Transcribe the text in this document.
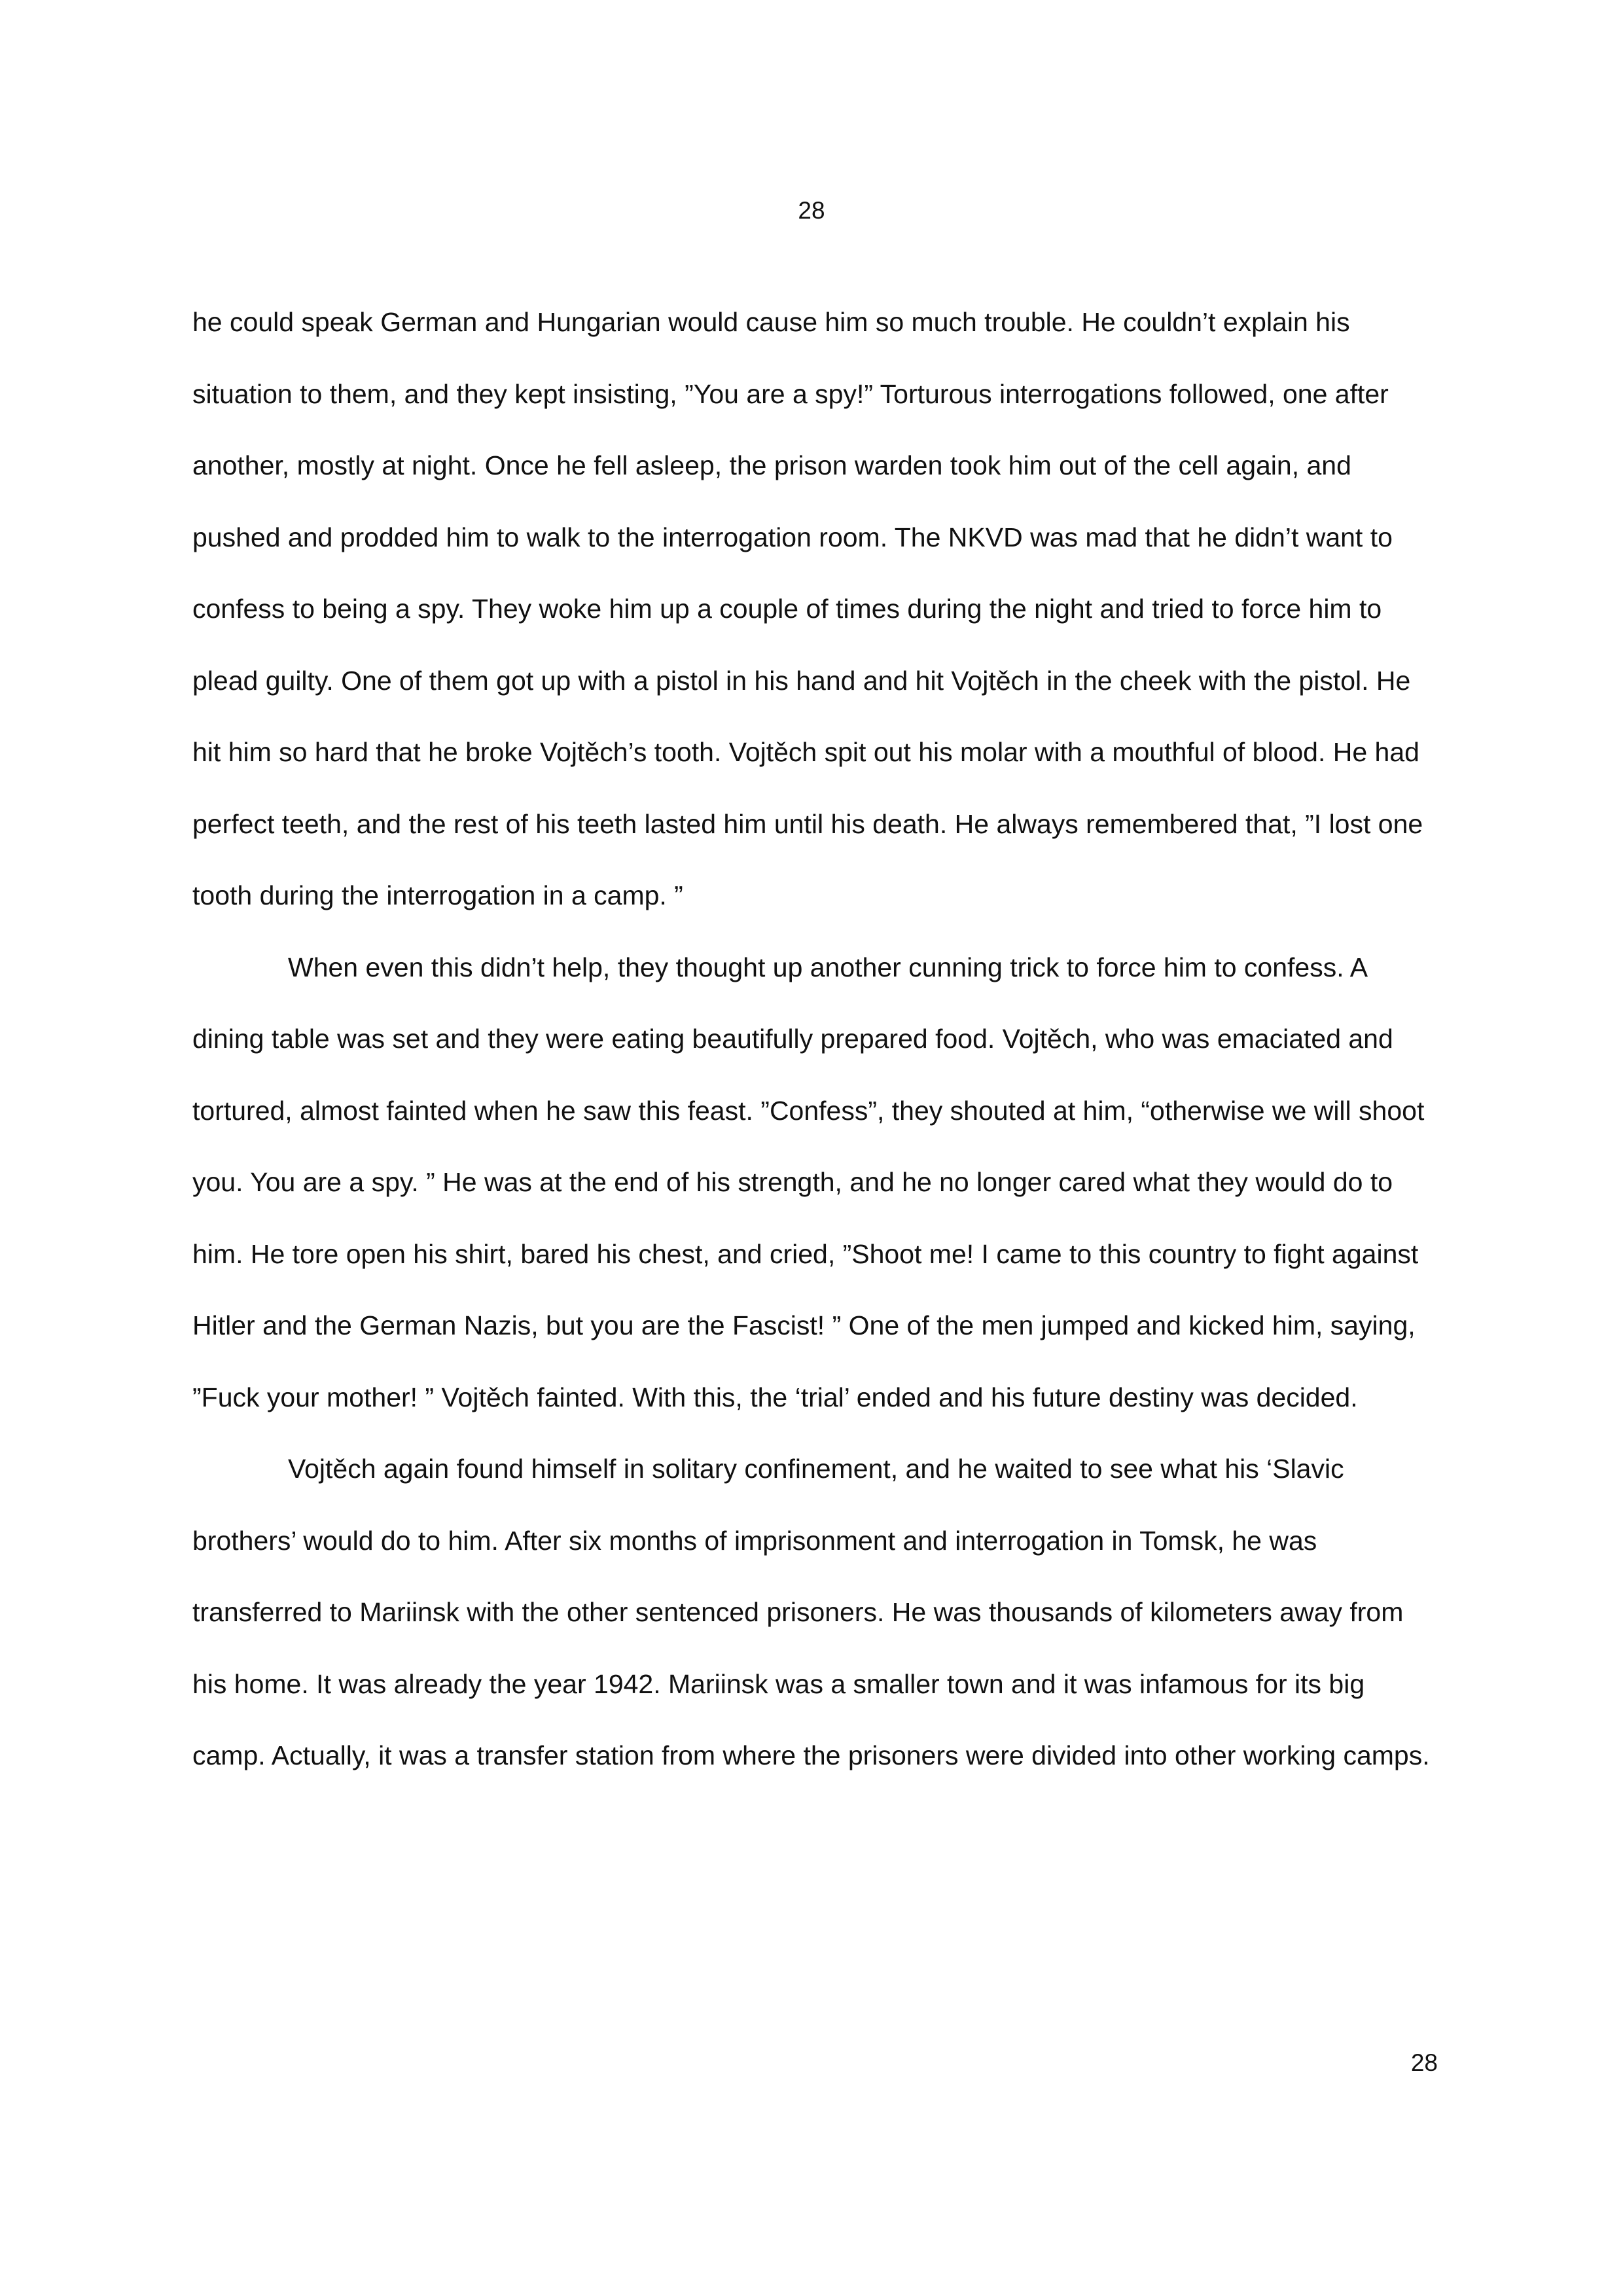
28

he could speak German and Hungarian would cause him so much trouble. He couldn’t explain his situation to them, and they kept insisting, ”You are a spy!” Torturous interrogations followed, one after another, mostly at night. Once he fell asleep, the prison warden took him out of the cell again, and pushed and prodded him to walk to the interrogation room. The NKVD was mad that he didn’t want to confess to being a spy. They woke him up a couple of times during the night and tried to force him to plead guilty. One of them got up with a pistol in his hand and hit Vojtěch in the cheek with the pistol. He hit him so hard that he broke Vojtěch’s tooth. Vojtěch spit out his molar with a mouthful of blood. He had perfect teeth, and the rest of his teeth lasted him until his death. He always remembered that, ”I lost one tooth during the interrogation in a camp. ”

When even this didn’t help, they thought up another cunning trick to force him to confess. A dining table was set and they were eating beautifully prepared food. Vojtěch, who was emaciated and tortured, almost fainted when he saw this feast. ”Confess”, they shouted at him, “otherwise we will shoot you. You are a spy. ” He was at the end of his strength, and he no longer cared what they would do to him. He tore open his shirt, bared his chest, and cried, ”Shoot me! I came to this country to fight against Hitler and the German Nazis, but you are the Fascist! ” One of the men jumped and kicked him, saying, ”Fuck your mother! ” Vojtěch fainted. With this, the ‘trial’ ended and his future destiny was decided.

Vojtěch again found himself in solitary confinement, and he waited to see what his ‘Slavic brothers’ would do to him. After six months of imprisonment and interrogation in Tomsk, he was transferred to Mariinsk with the other sentenced prisoners. He was thousands of kilometers away from his home. It was already the year 1942. Mariinsk was a smaller town and it was infamous for its big camp. Actually, it was a transfer station from where the prisoners were divided into other working camps.

28
